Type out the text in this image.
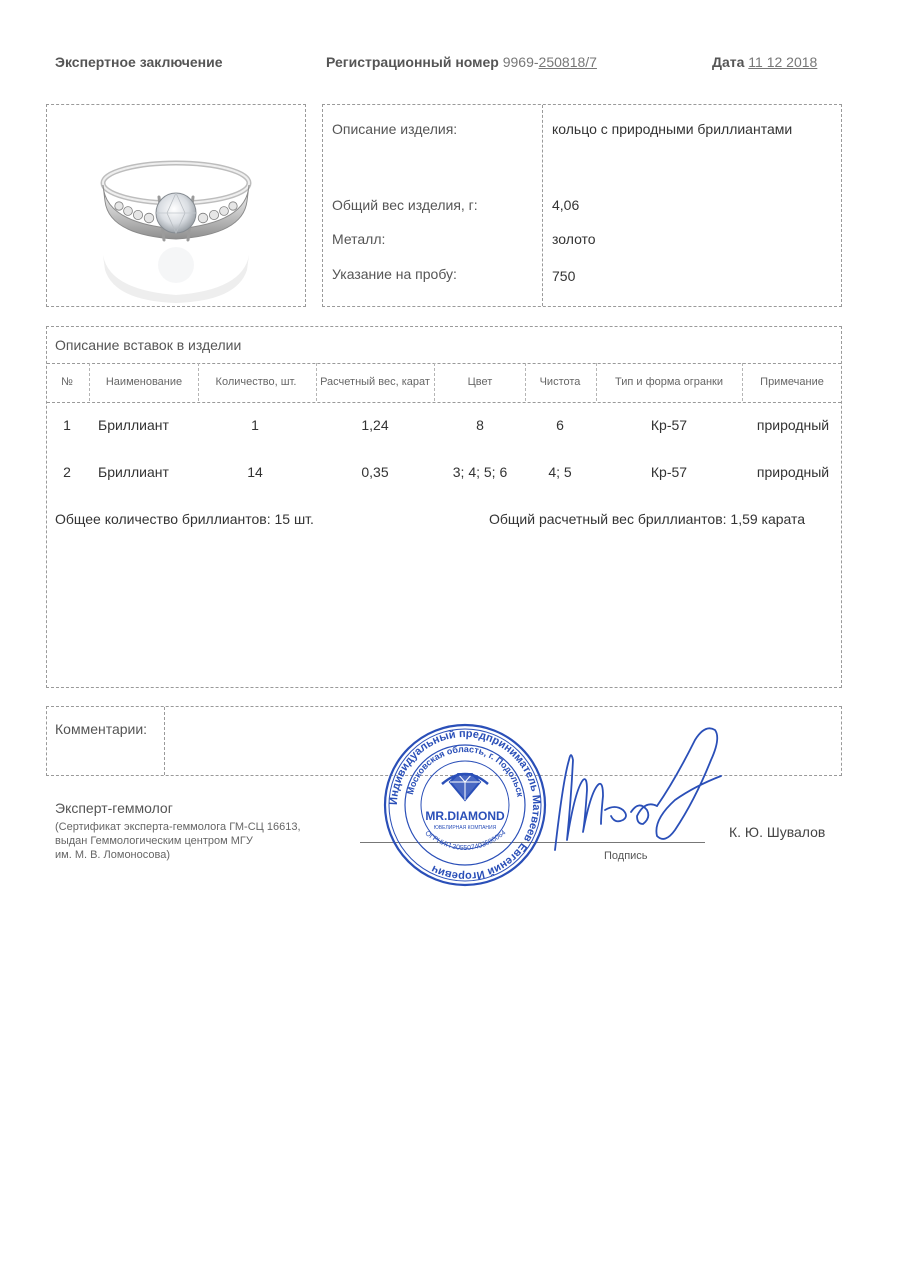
Экспертное заключение	Регистрационный номер 9969-250818/7	Дата 11 12 2018
Описание изделия:	кольцо с природными бриллиантами
Общий вес изделия, г:	4,06
Металл:	золото
Указание на пробу:	750
Описание вставок в изделии
№	Наименование	Количество, шт.	Расчетный вес, карат	Цвет	Чистота	Тип и форма огранки	Примечание
1	Бриллиант	1	1,24	8	6	Кр-57	природный
2	Бриллиант	14	0,35	3; 4; 5; 6	4; 5	Кр-57	природный
Общее количество бриллиантов: 15 шт.	Общий расчетный вес бриллиантов: 1,59 карата
Комментарии:
Эксперт-геммолог
(Сертификат эксперта-геммолога ГМ-СЦ 16613,
выдан Геммологическим центром МГУ
им. М. В. Ломоносова)	Подпись
К. Ю. Шувалов
Индивидуальный предприниматель Матвеев Евгений Игоревич
Московская область, г. Подольск
ОГРНИП 305507403500064
MR.DIAMOND
ЮВЕЛИРНАЯ КОМПАНИЯ
